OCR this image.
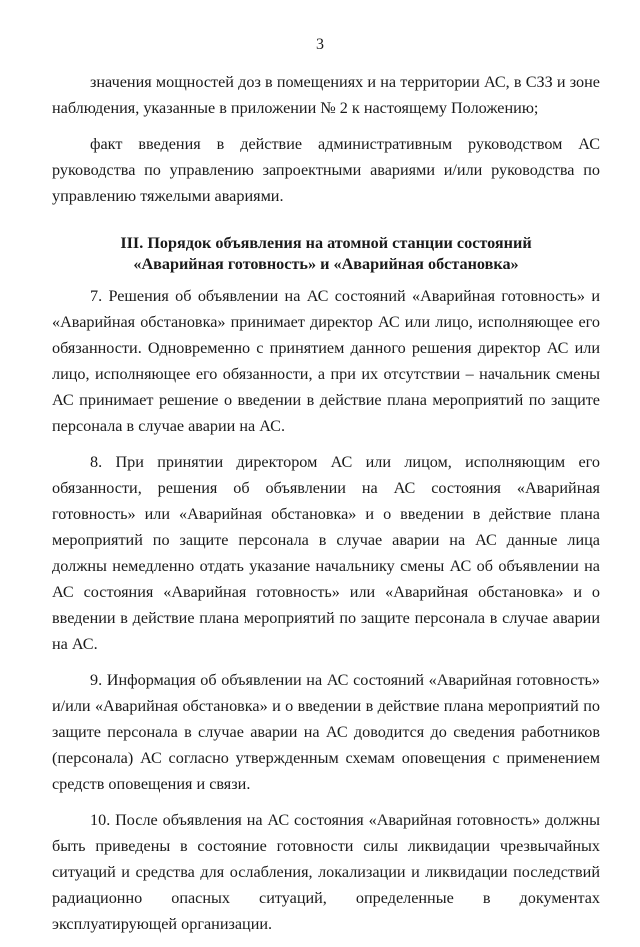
3

значения мощностей доз в помещениях и на территории АС, в СЗЗ и зоне наблюдения, указанные в приложении № 2 к настоящему Положению;

факт введения в действие административным руководством АС руководства по управлению запроектными авариями и/или руководства по управлению тяжелыми авариями.

III. Порядок объявления на атомной станции состояний «Аварийная готовность» и «Аварийная обстановка»

7. Решения об объявлении на АС состояний «Аварийная готовность» и «Аварийная обстановка» принимает директор АС или лицо, исполняющее его обязанности. Одновременно с принятием данного решения директор АС или лицо, исполняющее его обязанности, а при их отсутствии – начальник смены АС принимает решение о введении в действие плана мероприятий по защите персонала в случае аварии на АС.

8. При принятии директором АС или лицом, исполняющим его обязанности, решения об объявлении на АС состояния «Аварийная готовность» или «Аварийная обстановка» и о введении в действие плана мероприятий по защите персонала в случае аварии на АС данные лица должны немедленно отдать указание начальнику смены АС об объявлении на АС состояния «Аварийная готовность» или «Аварийная обстановка» и о введении в действие плана мероприятий по защите персонала в случае аварии на АС.

9. Информация об объявлении на АС состояний «Аварийная готовность» и/или «Аварийная обстановка» и о введении в действие плана мероприятий по защите персонала в случае аварии на АС доводится до сведения работников (персонала) АС согласно утвержденным схемам оповещения с применением средств оповещения и связи.

10. После объявления на АС состояния «Аварийная готовность» должны быть приведены в состояние готовности силы ликвидации чрезвычайных ситуаций и средства для ослабления, локализации и ликвидации последствий радиационно опасных ситуаций, определенные в документах эксплуатирующей организации.
